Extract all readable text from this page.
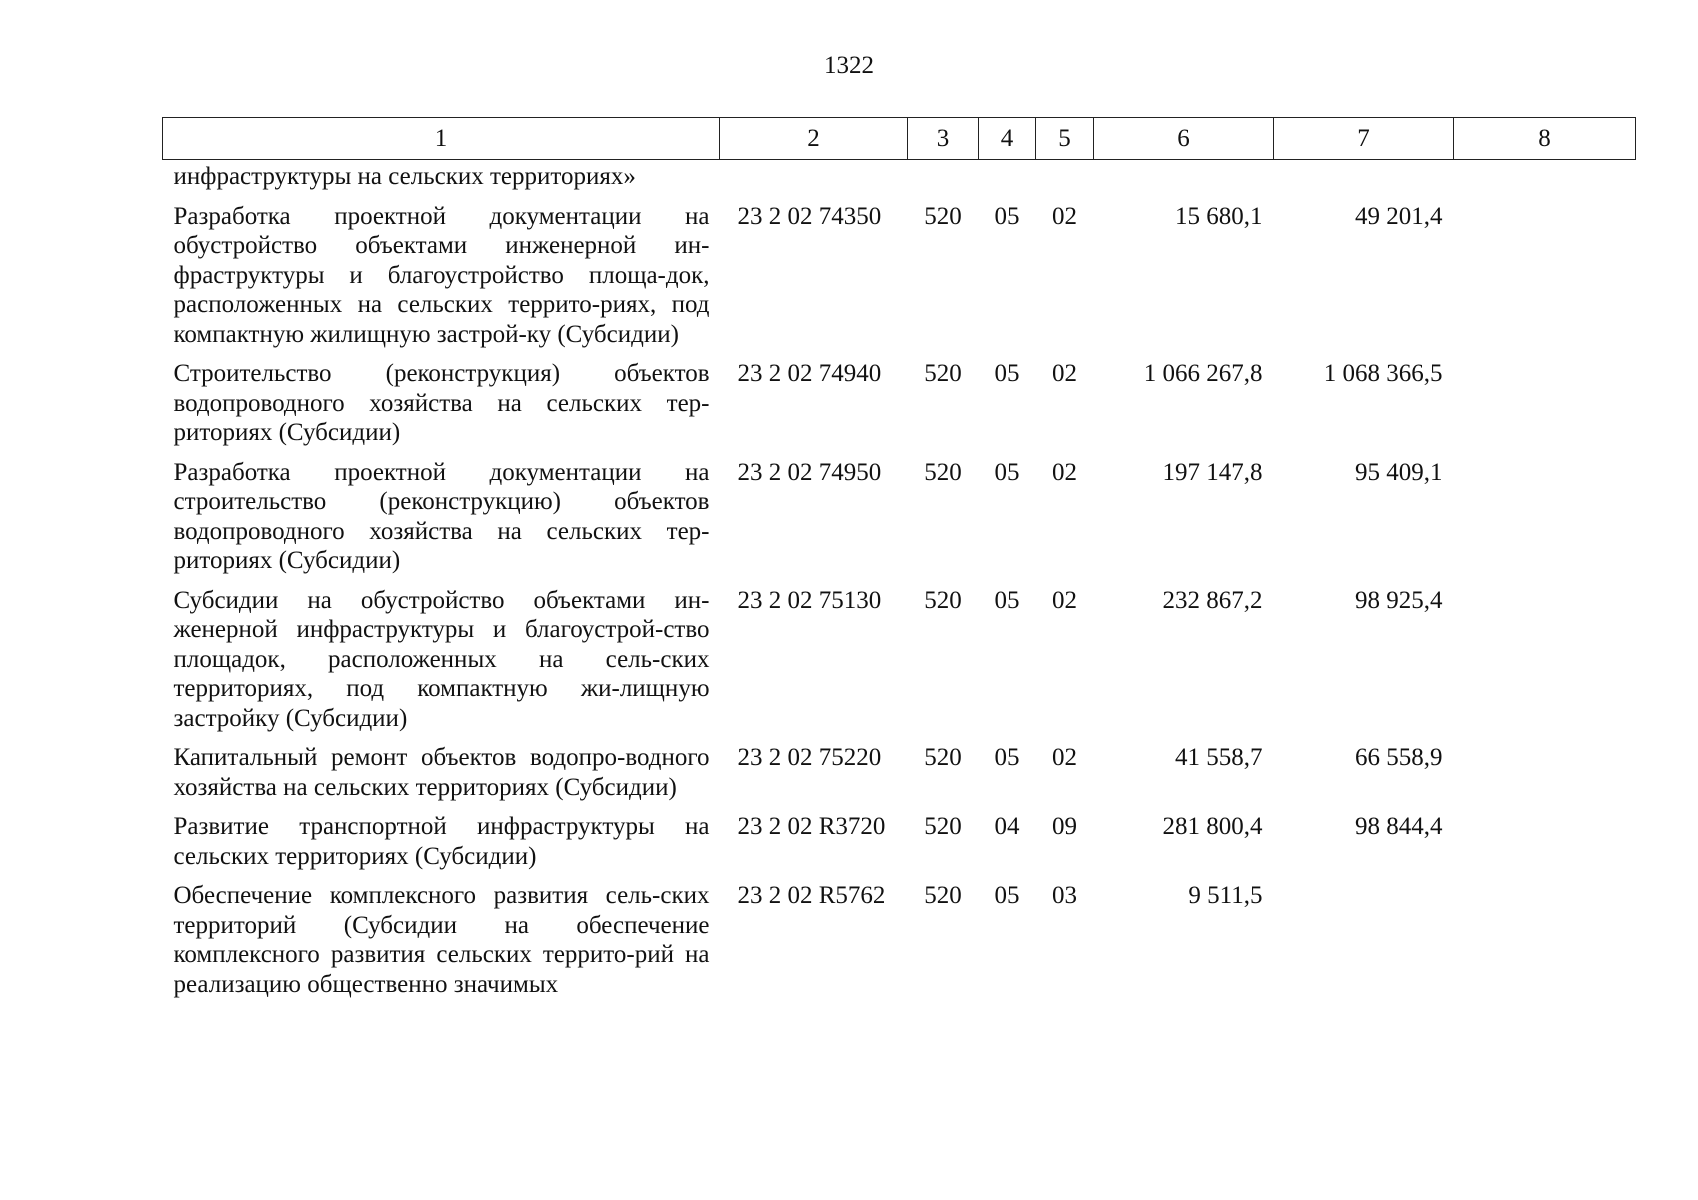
1322
1	2	3	4	5	6	7	8
инфраструктуры на сельских территориях»							
Разработка проектной документации на обустройство объектами инженерной ин-фраструктуры и благоустройство площа-док, расположенных на сельских террито-риях, под компактную жилищную застрой-ку (Субсидии)	23 2 02 74350	520	05	02	15 680,1	49 201,4	
Строительство (реконструкция) объектов водопроводного хозяйства на сельских тер-риториях (Субсидии)	23 2 02 74940	520	05	02	1 066 267,8	1 068 366,5	
Разработка проектной документации на строительство (реконструкцию) объектов водопроводного хозяйства на сельских тер-риториях (Субсидии)	23 2 02 74950	520	05	02	197 147,8	95 409,1	
Субсидии на обустройство объектами ин-женерной инфраструктуры и благоустрой-ство площадок, расположенных на сель-ских территориях, под компактную жи-лищную застройку (Субсидии)	23 2 02 75130	520	05	02	232 867,2	98 925,4	
Капитальный ремонт объектов водопро-водного хозяйства на сельских территориях (Субсидии)	23 2 02 75220	520	05	02	41 558,7	66 558,9	
Развитие транспортной инфраструктуры на сельских территориях (Субсидии)	23 2 02 R3720	520	04	09	281 800,4	98 844,4	
Обеспечение комплексного развития сель-ских территорий (Субсидии на обеспечение комплексного развития сельских террито-рий на реализацию общественно значимых	23 2 02 R5762	520	05	03	9 511,5		
